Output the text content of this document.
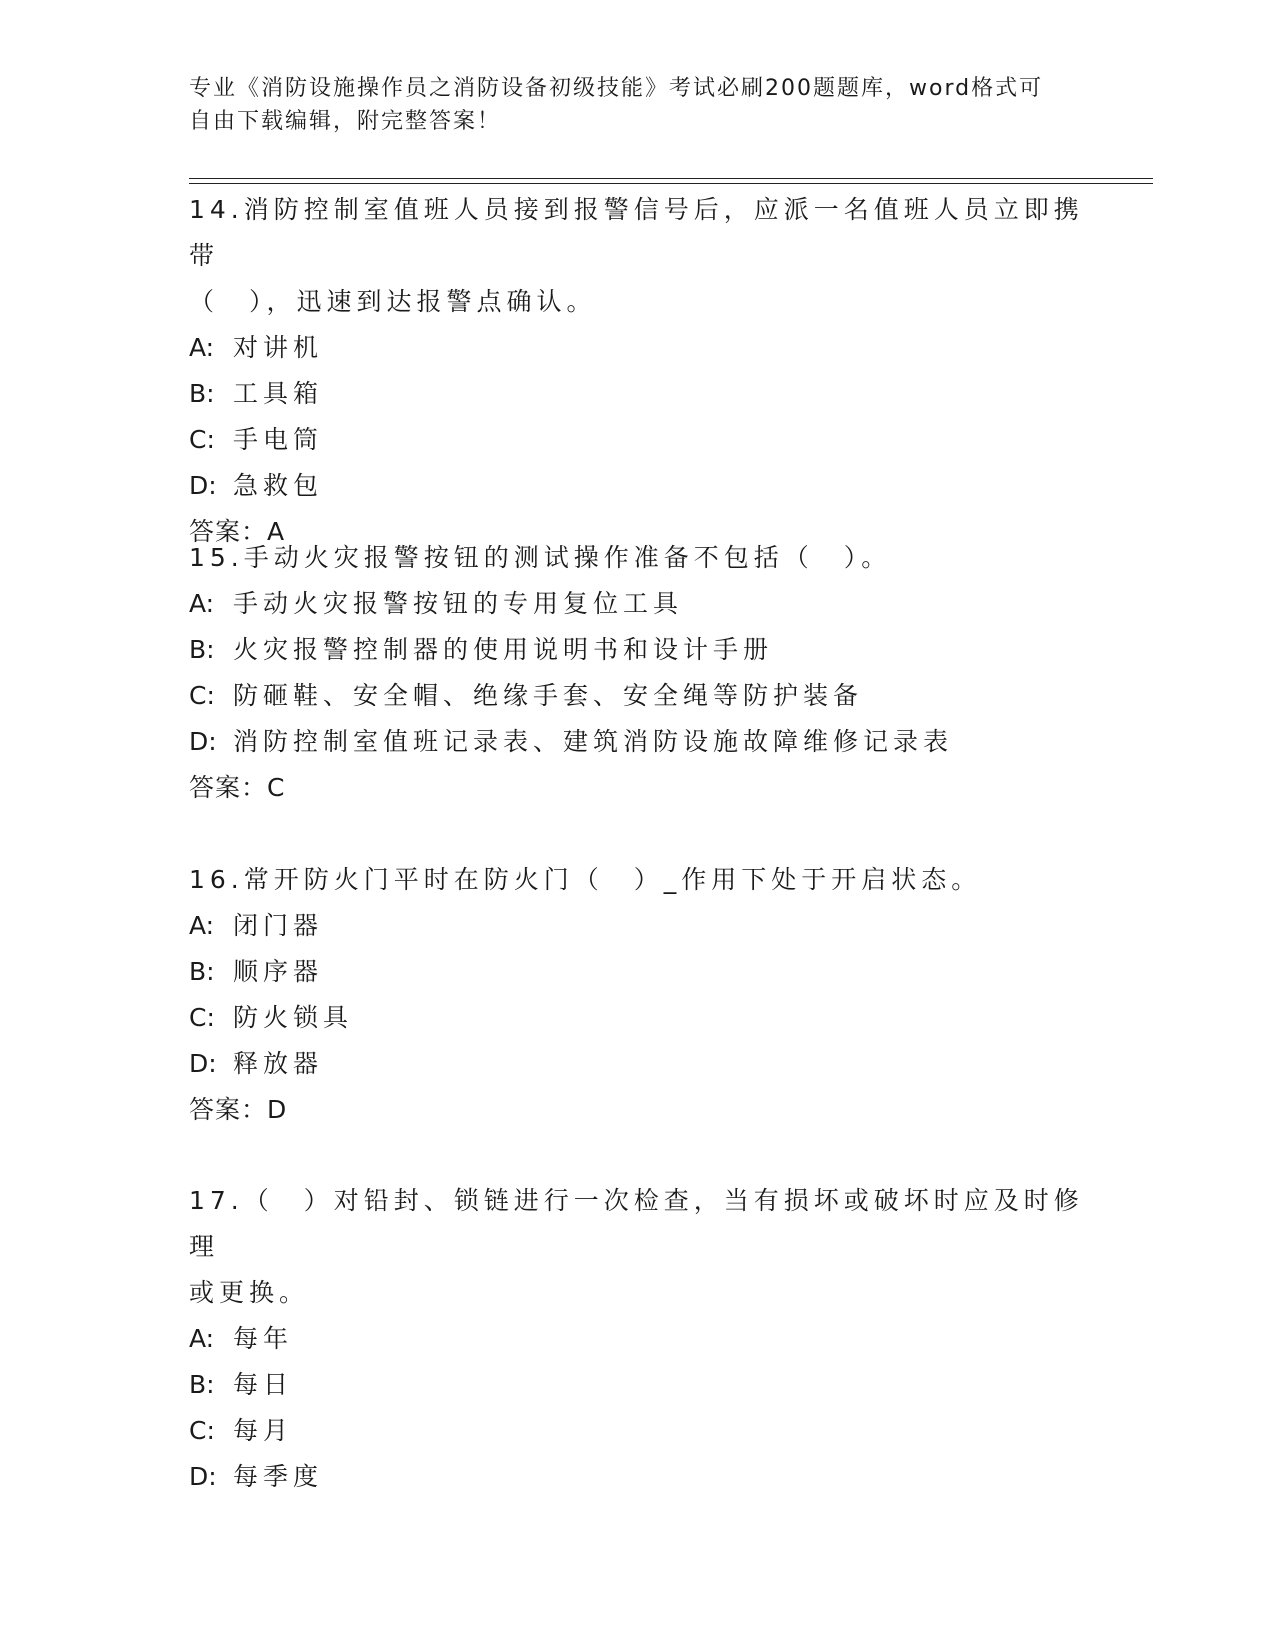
专业《消防设施操作员之消防设备初级技能》考试必刷200题题库，word格式可
自由下载编辑，附完整答案！

14.消防控制室值班人员接到报警信号后，应派一名值班人员立即携带

（　），迅速到达报警点确认。

A: 对讲机

B: 工具箱

C: 手电筒

D: 急救包

答案：A

15.手动火灾报警按钮的测试操作准备不包括（　）。

A: 手动火灾报警按钮的专用复位工具

B: 火灾报警控制器的使用说明书和设计手册

C: 防砸鞋、安全帽、绝缘手套、安全绳等防护装备

D: 消防控制室值班记录表、建筑消防设施故障维修记录表

答案：C

16.常开防火门平时在防火门（　）_作用下处于开启状态。

A: 闭门器

B: 顺序器

C: 防火锁具

D: 释放器

答案：D

17.（　）对铅封、锁链进行一次检查，当有损坏或破坏时应及时修理

或更换。

A: 每年

B: 每日

C: 每月

D: 每季度
